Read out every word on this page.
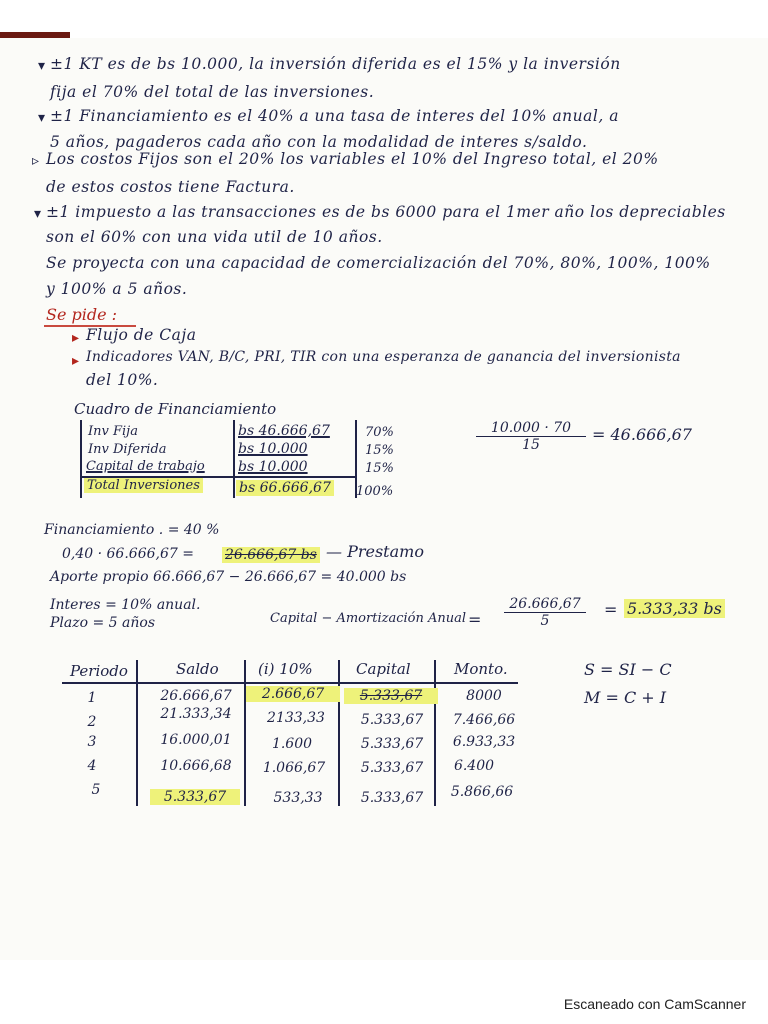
▾ ±1 KT es de bs 10.000, la inversión diferida es el 15% y la inversión
fija el 70% del total de las inversiones.
▾ ±1 Financiamiento es el 40% a una tasa de interes del 10% anual, a
5 años, pagaderos cada año con la modalidad de interes s/saldo.
▹ Los costos Fijos son el 20% los variables el 10% del Ingreso total, el 20%
de estos costos tiene Factura.
▾ ±1 impuesto a las transacciones es de bs 6000 para el 1mer año los depreciables
son el 60% con una vida util de 10 años.
Se proyecta con una capacidad de comercialización del 70%, 80%, 100%, 100%
y 100% a 5 años.
Se pide :
▸ Flujo de Caja
▸ Indicadores VAN, B/C, PRI, TIR con una esperanza de ganancia del inversionista
del 10%.
Cuadro de Financiamiento
Inv Fija	bs 46.666,67	70%
Inv Diferida	bs 10.000	15%
Capital de trabajo bs 10.000	15%
Total Inversiones	bs 66.666,67 100%
$\frac{10.000 \cdot 70}{15} = 46.666,67$
Financiamiento . = 40 %
0,40 · 66.666,67 = 26.666,67 bs — Prestamo
Aporte propio 66.666,67 − 26.666,67 = 40.000 bs
Interes = 10% anual.
Plazo = 5 años	Capital − Amortización Anual = $\frac{26.666,67}{5} = 5.333,33$ bs
Periodo	Saldo	(i) 10%	Capital	Monto.
1	26.666,67	2.666,67	5.333,67	8000
2	21.333,34	2133,33	5.333,67	7.466,66
3	16.000,01	1.600	5.333,67	6.933,33
4	10.666,68	1.066,67	5.333,67	6.400
5	5.333,67	533,33	5.333,67	5.866,66
S = SI − C
M = C + I
Escaneado con CamScanner
